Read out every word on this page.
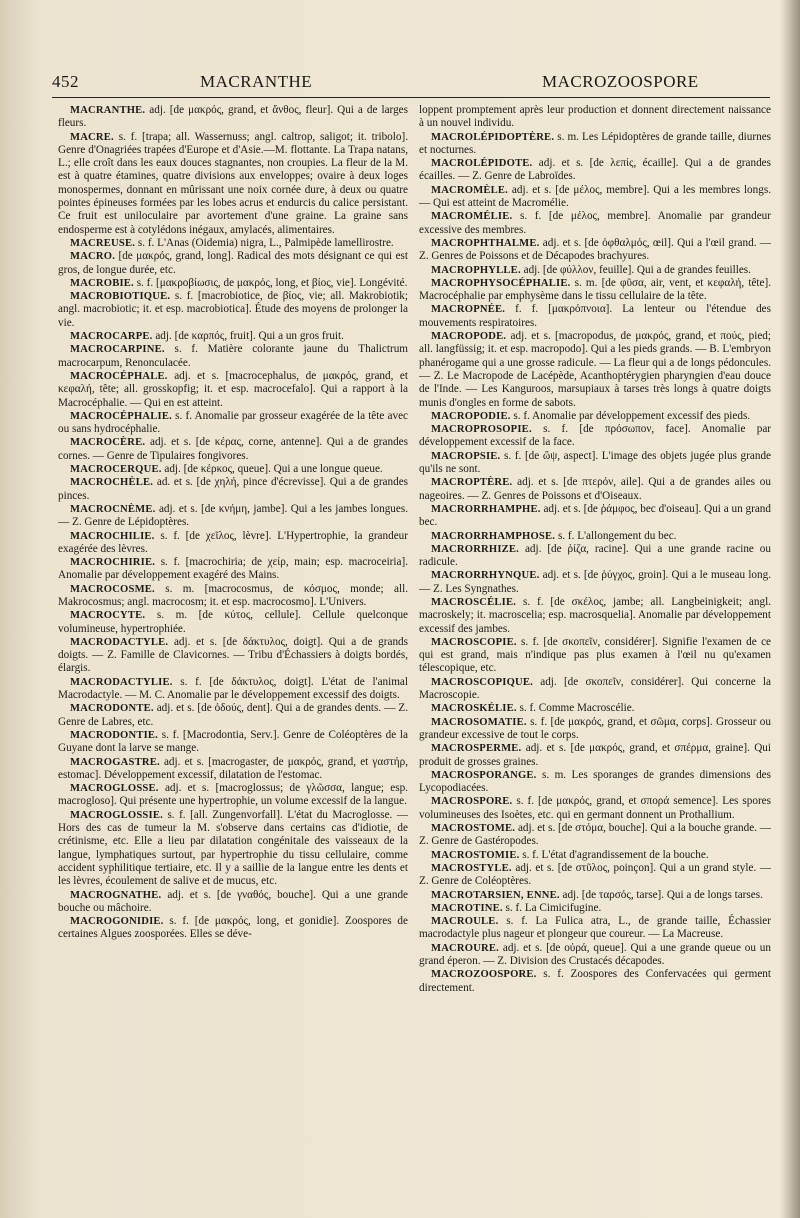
452	MACRANTHE	MACROZOOSPORE

MACRANTHE. adj. [de μακρός, grand, et ἄνθος, fleur]. Qui a de larges fleurs.

MACRE. s. f. [trapa; all. Wassernuss; angl. caltrop, saligot; it. tribolo]. Genre d'Onagriées trapées d'Europe et d'Asie.—M. flottante. La Trapa natans, L.; elle croît dans les eaux douces stagnantes, non croupies. La fleur de la M. est à quatre étamines, quatre divisions aux enveloppes; ovaire à deux loges monospermes, donnant en mûrissant une noix cornée dure, à deux ou quatre pointes épineuses formées par les lobes acrus et endurcis du calice persistant. Ce fruit est uniloculaire par avortement d'une graine. La graine sans endosperme est à cotylédons inégaux, amylacés, alimentaires.

MACREUSE. s. f. L'Anas (Oidemia) nigra, L., Palmipède lamellirostre.

MACRO. [de μακρός, grand, long]. Radical des mots désignant ce qui est gros, de longue durée, etc.

MACROBIE. s. f. [μακροβίωσις, de μακρός, long, et βίος, vie]. Longévité.

MACROBIOTIQUE. s. f. [macrobiotice, de βίος, vie; all. Makrobiotik; angl. macrobiotic; it. et esp. macrobiotica]. Étude des moyens de prolonger la vie.

MACROCARPE. adj. [de καρπός, fruit]. Qui a un gros fruit.

MACROCARPINE. s. f. Matière colorante jaune du Thalictrum macrocarpum, Renonculacée.

MACROCÉPHALE. adj. et s. [macrocephalus, de μακρός, grand, et κεφαλή, tête; all. grosskopfig; it. et esp. macrocefalo]. Qui a rapport à la Macrocéphalie. — Qui en est atteint.

MACROCÉPHALIE. s. f. Anomalie par grosseur exagérée de la tête avec ou sans hydrocéphalie.

MACROCÈRE. adj. et s. [de κέρας, corne, antenne]. Qui a de grandes cornes. — Genre de Tipulaires fongivores.

MACROCERQUE. adj. [de κέρκος, queue]. Qui a une longue queue.

MACROCHÈLE. ad. et s. [de χηλή, pince d'écrevisse]. Qui a de grandes pinces.

MACROCNÈME. adj. et s. [de κνήμη, jambe]. Qui a les jambes longues. — Z. Genre de Lépidoptères.

MACROCHILIE. s. f. [de χεῖλος, lèvre]. L'Hypertrophie, la grandeur exagérée des lèvres.

MACROCHIRIE. s. f. [macrochiria; de χείρ, main; esp. macroceiria]. Anomalie par développement exagéré des Mains.

MACROCOSME. s. m. [macrocosmus, de κόσμος, monde; all. Makrocosmus; angl. macrocosm; it. et esp. macrocosmo]. L'Univers.

MACROCYTE. s. m. [de κύτος, cellule]. Cellule quelconque volumineuse, hypertrophiée.

MACRODACTYLE. adj. et s. [de δάκτυλος, doigt]. Qui a de grands doigts. — Z. Famille de Clavicornes. — Tribu d'Échassiers à doigts bordés, élargis.

MACRODACTYLIE. s. f. [de δάκτυλος, doigt]. L'état de l'animal Macrodactyle. — M. C. Anomalie par le développement excessif des doigts.

MACRODONTE. adj. et s. [de ὀδούς, dent]. Qui a de grandes dents. — Z. Genre de Labres, etc.

MACRODONTIE. s. f. [Macrodontia, Serv.]. Genre de Coléoptères de la Guyane dont la larve se mange.

MACROGASTRE. adj. et s. [macrogaster, de μακρός, grand, et γαστήρ, estomac]. Développement excessif, dilatation de l'estomac.

MACROGLOSSE. adj. et s. [macroglossus; de γλῶσσα, langue; esp. macrogloso]. Qui présente une hypertrophie, un volume excessif de la langue.

MACROGLOSSIE. s. f. [all. Zungenvorfall]. L'état du Macroglosse. — Hors des cas de tumeur la M. s'observe dans certains cas d'idiotie, de crétinisme, etc. Elle a lieu par dilatation congénitale des vaisseaux de la langue, lymphatiques surtout, par hypertrophie du tissu cellulaire, comme accident syphilitique tertiaire, etc. Il y a saillie de la langue entre les dents et les lèvres, écoulement de salive et de mucus, etc.

MACROGNATHE. adj. et s. [de γναθός, bouche]. Qui a une grande bouche ou mâchoire.

MACROGONIDIE. s. f. [de μακρός, long, et gonidie]. Zoospores de certaines Algues zoosporées. Elles se déve-

loppent promptement après leur production et donnent directement naissance à un nouvel individu.

MACROLÉPIDOPTÈRE. s. m. Les Lépidoptères de grande taille, diurnes et nocturnes.

MACROLÉPIDOTE. adj. et s. [de λεπίς, écaille]. Qui a de grandes écailles. — Z. Genre de Labroïdes.

MACROMÈLE. adj. et s. [de μέλος, membre]. Qui a les membres longs. — Qui est atteint de Macromélie.

MACROMÉLIE. s. f. [de μέλος, membre]. Anomalie par grandeur excessive des membres.

MACROPHTHALME. adj. et s. [de ὀφθαλμός, œil]. Qui a l'œil grand. — Z. Genres de Poissons et de Décapodes brachyures.

MACROPHYLLE. adj. [de φύλλον, feuille]. Qui a de grandes feuilles.

MACROPHYSOCÉPHALIE. s. m. [de φῦσα, air, vent, et κεφαλή, tête]. Macrocéphalie par emphysème dans le tissu cellulaire de la tête.

MACROPNÉE. f. f. [μακρόπνοια]. La lenteur ou l'étendue des mouvements respiratoires.

MACROPODE. adj. et s. [macropodus, de μακρός, grand, et πούς, pied; all. langfüssig; it. et esp. macropodo]. Qui a les pieds grands. — B. L'embryon phanérogame qui a une grosse radicule. — La fleur qui a de longs pédoncules. — Z. Le Macropode de Lacépède, Acanthoptérygien pharyngien d'eau douce de l'Inde. — Les Kanguroos, marsupiaux à tarses très longs à quatre doigts munis d'ongles en forme de sabots.

MACROPODIE. s. f. Anomalie par développement excessif des pieds.

MACROPROSOPIE. s. f. [de πρόσωπον, face]. Anomalie par développement excessif de la face.

MACROPSIE. s. f. [de ὤψ, aspect]. L'image des objets jugée plus grande qu'ils ne sont.

MACROPTÈRE. adj. et s. [de πτερόν, aile]. Qui a de grandes ailes ou nageoires. — Z. Genres de Poissons et d'Oiseaux.

MACRORRHAMPHE. adj. et s. [de ῥάμφος, bec d'oiseau]. Qui a un grand bec.

MACRORRHAMPHOSE. s. f. L'allongement du bec.

MACRORRHIZE. adj. [de ῥίζα, racine]. Qui a une grande racine ou radicule.

MACRORRHYNQUE. adj. et s. [de ῥύγχος, groin]. Qui a le museau long. — Z. Les Syngnathes.

MACROSCÉLIE. s. f. [de σκέλος, jambe; all. Langbeinigkeit; angl. macroskely; it. macroscelia; esp. macrosquelia]. Anomalie par développement excessif des jambes.

MACROSCOPIE. s. f. [de σκοπεῖν, considérer]. Signifie l'examen de ce qui est grand, mais n'indique pas plus examen à l'œil nu qu'examen télescopique, etc.

MACROSCOPIQUE. adj. [de σκοπεῖν, considérer]. Qui concerne la Macroscopie.

MACROSKÉLIE. s. f. Comme Macroscélie.

MACROSOMATIE. s. f. [de μακρός, grand, et σῶμα, corps]. Grosseur ou grandeur excessive de tout le corps.

MACROSPERME. adj. et s. [de μακρός, grand, et σπέρμα, graine]. Qui produit de grosses graines.

MACROSPORANGE. s. m. Les sporanges de grandes dimensions des Lycopodiacées.

MACROSPORE. s. f. [de μακρός, grand, et σπορά semence]. Les spores volumineuses des Isoètes, etc. qui en germant donnent un Prothallium.

MACROSTOME. adj. et s. [de στόμα, bouche]. Qui a la bouche grande. — Z. Genre de Gastéropodes.

MACROSTOMIE. s. f. L'état d'agrandissement de la bouche.

MACROSTYLE. adj. et s. [de στῦλος, poinçon]. Qui a un grand style. — Z. Genre de Coléoptères.

MACROTARSIEN, ENNE. adj. [de ταρσός, tarse]. Qui a de longs tarses.

MACROTINE. s. f. La Cimicifugine.

MACROULE. s. f. La Fulica atra, L., de grande taille, Échassier macrodactyle plus nageur et plongeur que coureur. — La Macreuse.

MACROURE. adj. et s. [de οὐρά, queue]. Qui a une grande queue ou un grand éperon. — Z. Division des Crustacés décapodes.

MACROZOOSPORE. s. f. Zoospores des Confervacées qui germent directement.
